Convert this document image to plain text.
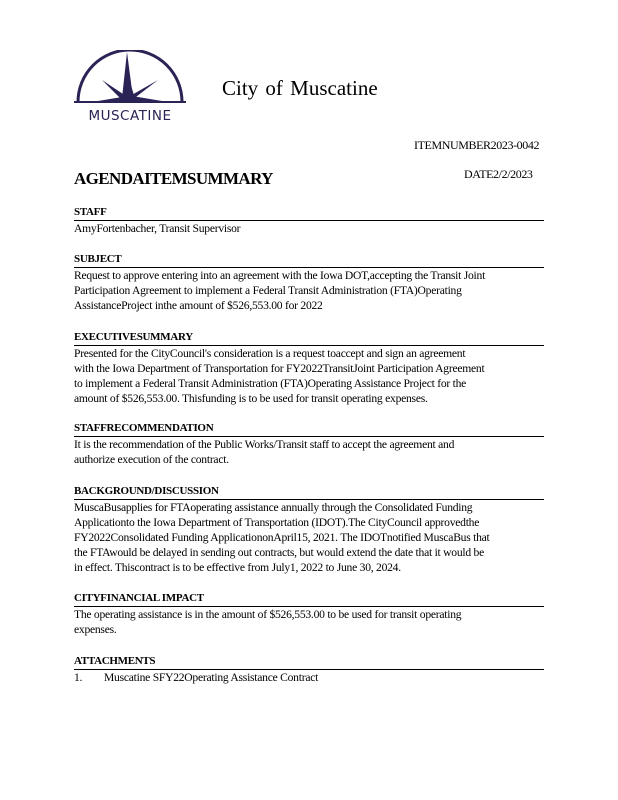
MUSCATINE
City of Muscatine
ITEMNUMBER2023-0042
DATE2/2/2023
AGENDAITEMSUMMARY
STAFF
AmyFortenbacher, Transit Supervisor
SUBJECT
Request to approve entering into an agreement with the Iowa DOT,accepting the Transit Joint
Participation Agreement to implement a Federal Transit Administration (FTA)Operating
AssistanceProject inthe amount of $526,553.00 for 2022
EXECUTIVESUMMARY
Presented for the CityCouncil's consideration is a request toaccept and sign an agreement
with the Iowa Department of Transportation for FY2022TransitJoint Participation Agreement
to implement a Federal Transit Administration (FTA)Operating Assistance Project for the
amount of $526,553.00. Thisfunding is to be used for transit operating expenses.
STAFFRECOMMENDATION
It is the recommendation of the Public Works/Transit staff to accept the agreement and
authorize execution of the contract.
BACKGROUND/DISCUSSION
MuscaBusapplies for FTAoperating assistance annually through the Consolidated Funding
Applicationto the Iowa Department of Transportation (IDOT).The CityCouncil approvedthe
FY2022Consolidated Funding ApplicationonApril15, 2021. The IDOTnotified MuscaBus that
the FTAwould be delayed in sending out contracts, but would extend the date that it would be
in effect. Thiscontract is to be effective from July1, 2022 to June 30, 2024.
CITYFINANCIAL IMPACT
The operating assistance is in the amount of $526,553.00 to be used for transit operating
expenses.
ATTACHMENTS
1. Muscatine SFY22Operating Assistance Contract
